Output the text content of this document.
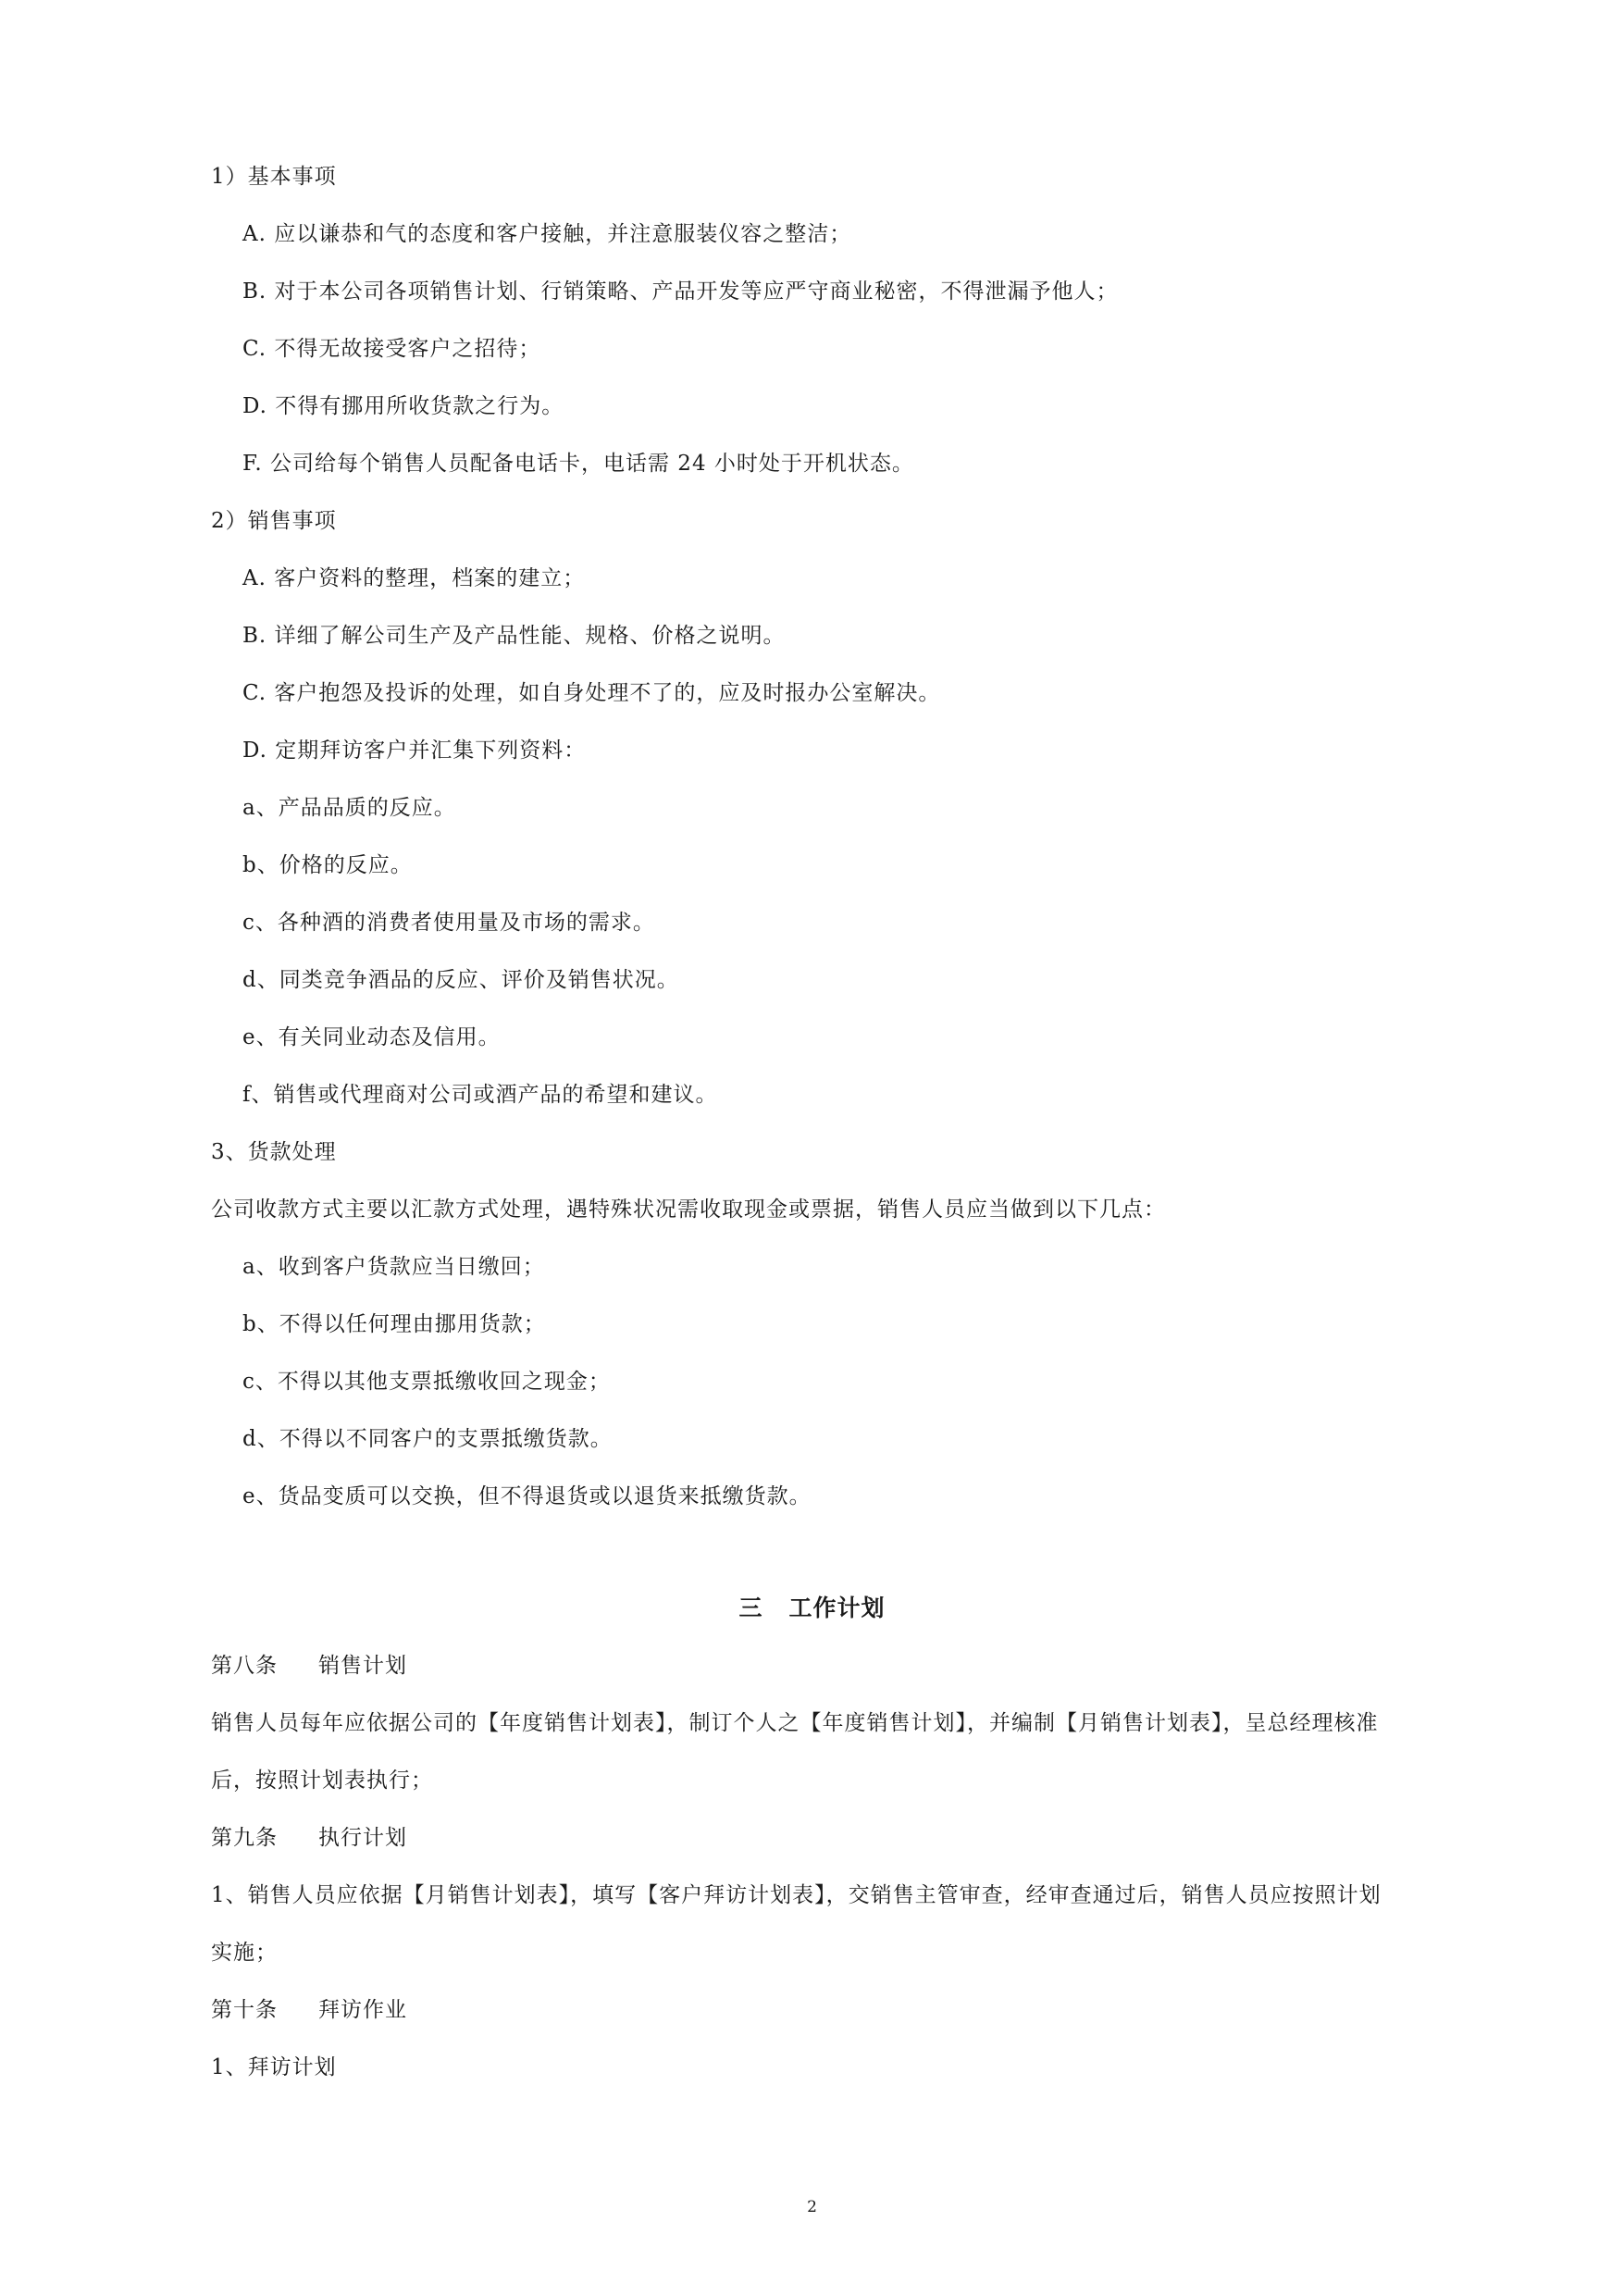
1）基本事项
A. 应以谦恭和气的态度和客户接触，并注意服装仪容之整洁；
B. 对于本公司各项销售计划、行销策略、产品开发等应严守商业秘密，不得泄漏予他人；
C. 不得无故接受客户之招待；
D. 不得有挪用所收货款之行为。
F. 公司给每个销售人员配备电话卡，电话需 24 小时处于开机状态。
2）销售事项
A. 客户资料的整理，档案的建立；
B. 详细了解公司生产及产品性能、规格、价格之说明。
C. 客户抱怨及投诉的处理，如自身处理不了的，应及时报办公室解决。
D. 定期拜访客户并汇集下列资料：
a、产品品质的反应。
b、价格的反应。
c、各种酒的消费者使用量及市场的需求。
d、同类竞争酒品的反应、评价及销售状况。
e、有关同业动态及信用。
f、销售或代理商对公司或酒产品的希望和建议。
3、货款处理
公司收款方式主要以汇款方式处理，遇特殊状况需收取现金或票据，销售人员应当做到以下几点：
a、收到客户货款应当日缴回；
b、不得以任何理由挪用货款；
c、不得以其他支票抵缴收回之现金；
d、不得以不同客户的支票抵缴货款。
e、货品变质可以交换，但不得退货或以退货来抵缴货款。
三 工作计划
第八条 销售计划
销售人员每年应依据公司的【年度销售计划表】，制订个人之【年度销售计划】，并编制【月销售计划表】，呈总经理核准
后，按照计划表执行；
第九条 执行计划
1、销售人员应依据【月销售计划表】，填写【客户拜访计划表】，交销售主管审查，经审查通过后，销售人员应按照计划
实施；
第十条 拜访作业
1、拜访计划
2
